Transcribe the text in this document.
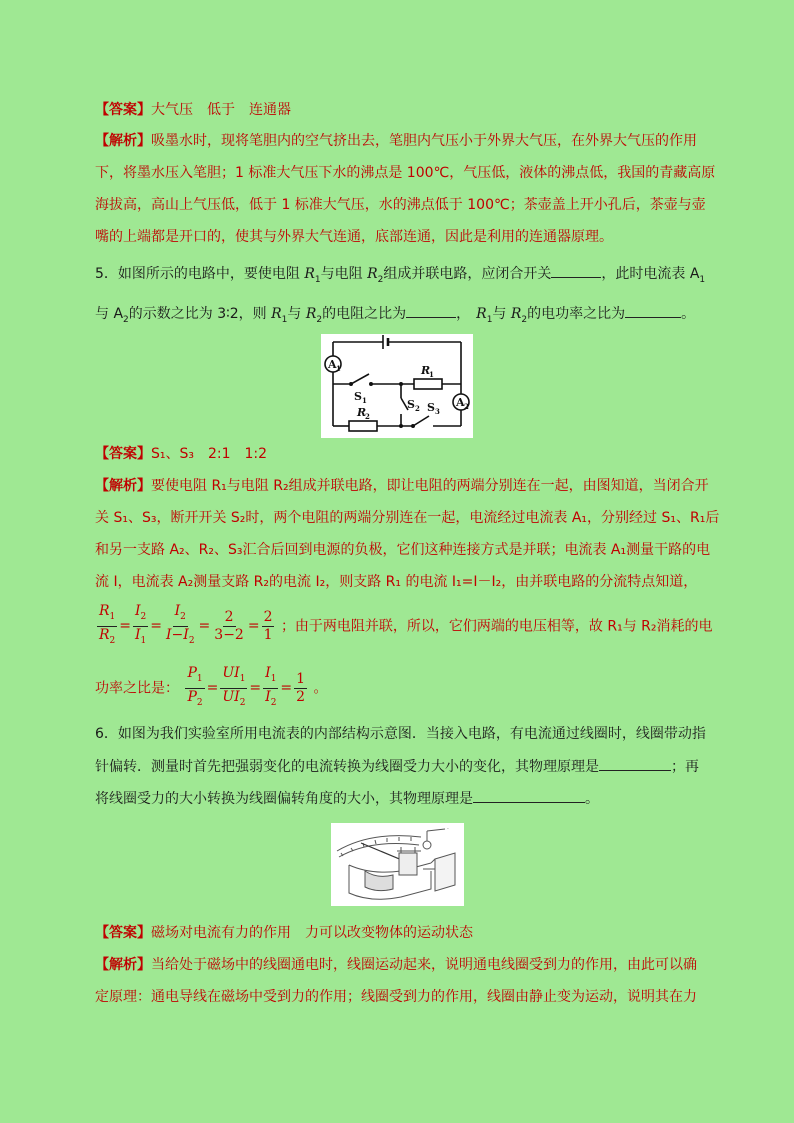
【答案】大气压　低于　连通器
【解析】吸墨水时，现将笔胆内的空气挤出去，笔胆内气压小于外界大气压，在外界大气压的作用
下，将墨水压入笔胆；1 标准大气压下水的沸点是 100℃，气压低，液体的沸点低，我国的青藏高原
海拔高，高山上气压低，低于 1 标准大气压，水的沸点低于 100℃；茶壶盖上开小孔后，茶壶与壶
嘴的上端都是开口的，使其与外界大气连通，底部连通，因此是利用的连通器原理。
5．如图所示的电路中，要使电阻 $R_1$与电阻 $R_2$组成并联电路，应闭合开关	，此时电流表 $A_1$
与 $A_2$的示数之比为 3∶2，则 $R_1$与 $R_2$的电阻之比为	， $R_1$与 $R_2$的电功率之比为	。
A 1
A 2
R
1
R
2
S 1	S 2 S 3
【答案】S₁、S₃　2:1　1:2
【解析】要使电阻 R₁与电阻 R₂组成并联电路，即让电阻的两端分别连在一起，由图知道，当闭合开
关 S₁、S₃，断开开关 S₂时，两个电阻的两端分别连在一起，电流经过电流表 A₁，分别经过 S₁、R₁后
和另一支路 A₂、R₂、S₃汇合后回到电源的负极，它们这种连接方式是并联；电流表 A₁测量干路的电
流 I，电流表 A₂测量支路 R₂的电流 I₂，则支路 R₁ 的电流 I₁=I－I₂，由并联电路的分流特点知道，
$\frac{R_1}{R_2} = \frac{I_2}{I_1} = \frac{I_2}{I-I_2} = \frac{2}{3-2} = \frac{2}{1}$ ；由于两电阻并联，所以，它们两端的电压相等，故 R₁与 R₂消耗的电
功率之比是： $\frac{P_1}{P_2} = \frac{UI_1}{UI_2} = \frac{I_1}{I_2} = \frac{1}{2}$ 。
6．如图为我们实验室所用电流表的内部结构示意图．当接入电路，有电流通过线圈时，线圈带动指
针偏转．测量时首先把强弱变化的电流转换为线圈受力大小的变化，其物理原理是	；再
将线圈受力的大小转换为线圈偏转角度的大小，其物理原理是	。
·
【答案】磁场对电流有力的作用　力可以改变物体的运动状态
【解析】当给处于磁场中的线圈通电时，线圈运动起来，说明通电线圈受到力的作用，由此可以确
定原理：通电导线在磁场中受到力的作用；线圈受到力的作用，线圈由静止变为运动，说明其在力
